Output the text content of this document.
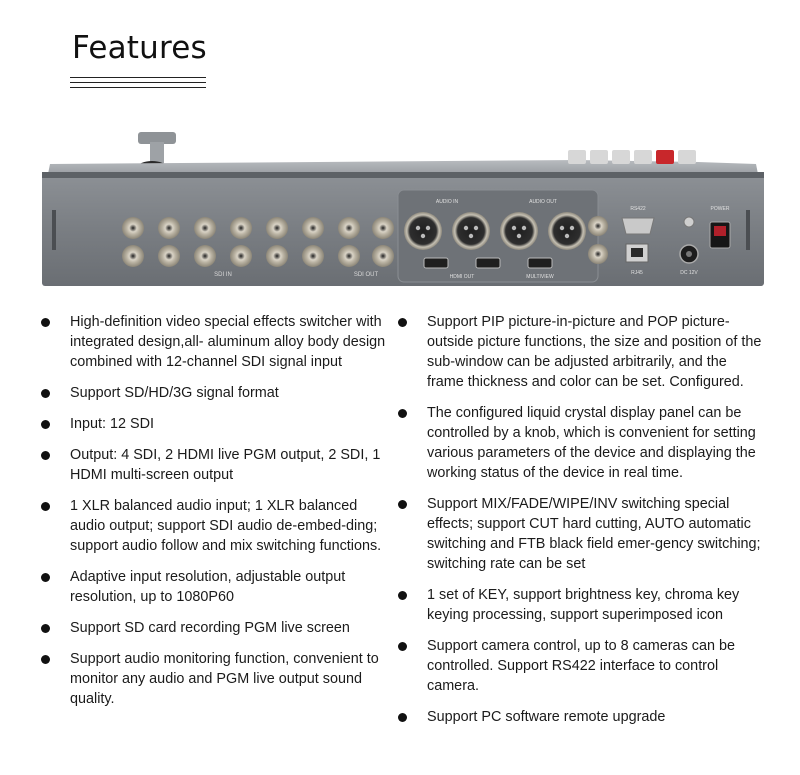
Features
SDI IN	SDI OUT
AUDIO IN	AUDIO OUT
HDMI OUT	MULTIVIEW
RS422
RJ45	DC 12V
POWER
High-definition video special effects switcher with integrated design,all- aluminum alloy body design combined with 12-channel SDI signal input
Support SD/HD/3G signal format
Input: 12 SDI
Output: 4 SDI, 2 HDMI live PGM output, 2 SDI, 1 HDMI multi-screen output
1 XLR balanced audio input; 1 XLR balanced audio output; support SDI audio de-embed-ding; support audio follow and mix switching functions.
Adaptive input resolution, adjustable output resolution, up to 1080P60
Support SD card recording PGM live screen
Support audio monitoring function, convenient to monitor any audio and PGM live output sound quality.
Support PIP picture-in-picture and POP picture-outside picture functions, the size and position of the sub-window can be adjusted arbitrarily, and the frame thickness and color can be set. Configured.
The configured liquid crystal display panel can be controlled by a knob, which is convenient for setting various parameters of the device and displaying the working status of the device in real time.
Support MIX/FADE/WIPE/INV switching special effects; support CUT hard cutting, AUTO automatic switching and FTB black field emer-gency switching; switching rate can be set
1 set of KEY, support brightness key, chroma key keying processing, support superimposed icon
Support camera control, up to 8 cameras can be controlled. Support RS422 interface to control camera.
Support PC software remote upgrade
